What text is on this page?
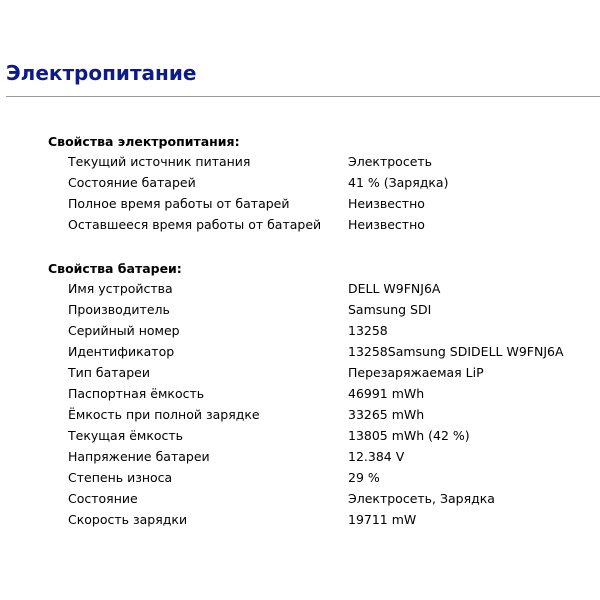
Электропитание
Свойства электропитания:
Текущий источник питания	Электросеть
Состояние батарей	41 % (Зарядка)
Полное время работы от батарей	Неизвестно
Оставшееся время работы от батарей Неизвестно
Свойства батареи:
Имя устройства	DELL W9FNJ6A
Производитель	Samsung SDI
Серийный номер	13258
Идентификатор	13258Samsung SDIDELL W9FNJ6A
Тип батареи	Перезаряжаемая LiP
Паспортная ёмкость	46991 mWh
Ёмкость при полной зарядке	33265 mWh
Текущая ёмкость	13805 mWh (42 %)
Напряжение батареи	12.384 V
Степень износа	29 %
Состояние	Электросеть, Зарядка
Скорость зарядки	19711 mW
